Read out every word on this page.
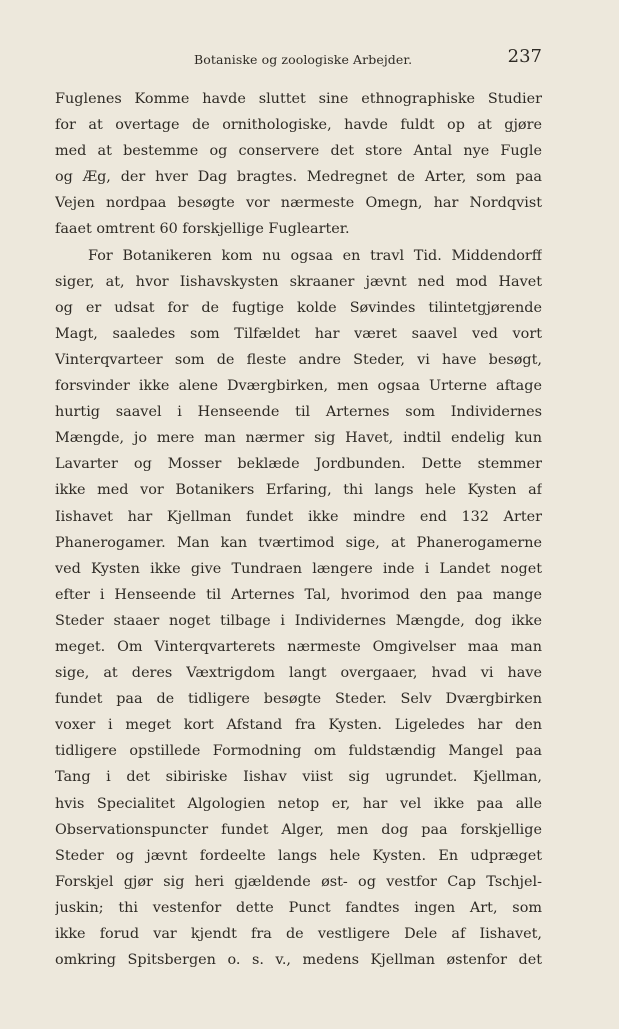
Botaniske og zoologiske Arbejder.	237
Fuglenes Komme havde sluttet sine ethnographiske Studier
for at overtage de ornithologiske, havde fuldt op at gjøre
med at bestemme og conservere det store Antal nye Fugle
og Æg, der hver Dag bragtes. Medregnet de Arter, som paa
Vejen nordpaa besøgte vor nærmeste Omegn, har Nordqvist
faaet omtrent 60 forskjellige Fuglearter.
For Botanikeren kom nu ogsaa en travl Tid. Middendorff
siger, at, hvor Iishavskysten skraaner jævnt ned mod Havet
og er udsat for de fugtige kolde Søvindes tilintetgjørende
Magt, saaledes som Tilfældet har været saavel ved vort
Vinterqvarteer som de fleste andre Steder, vi have besøgt,
forsvinder ikke alene Dværgbirken, men ogsaa Urterne aftage
hurtig saavel i Henseende til Arternes som Individernes
Mængde, jo mere man nærmer sig Havet, indtil endelig kun
Lavarter og Mosser beklæde Jordbunden. Dette stemmer
ikke med vor Botanikers Erfaring, thi langs hele Kysten af
Iishavet har Kjellman fundet ikke mindre end 132 Arter
Phanerogamer. Man kan tværtimod sige, at Phanerogamerne
ved Kysten ikke give Tundraen længere inde i Landet noget
efter i Henseende til Arternes Tal, hvorimod den paa mange
Steder staaer noget tilbage i Individernes Mængde, dog ikke
meget. Om Vinterqvarterets nærmeste Omgivelser maa man
sige, at deres Væxtrigdom langt overgaaer, hvad vi have
fundet paa de tidligere besøgte Steder. Selv Dværgbirken
voxer i meget kort Afstand fra Kysten. Ligeledes har den
tidligere opstillede Formodning om fuldstændig Mangel paa
Tang i det sibiriske Iishav viist sig ugrundet. Kjellman,
hvis Specialitet Algologien netop er, har vel ikke paa alle
Observationspuncter fundet Alger, men dog paa forskjellige
Steder og jævnt fordeelte langs hele Kysten. En udpræget
Forskjel gjør sig heri gjældende øst- og vestfor Cap Tschjel-
juskin; thi vestenfor dette Punct fandtes ingen Art, som
ikke forud var kjendt fra de vestligere Dele af Iishavet,
omkring Spitsbergen o. s. v., medens Kjellman østenfor det
